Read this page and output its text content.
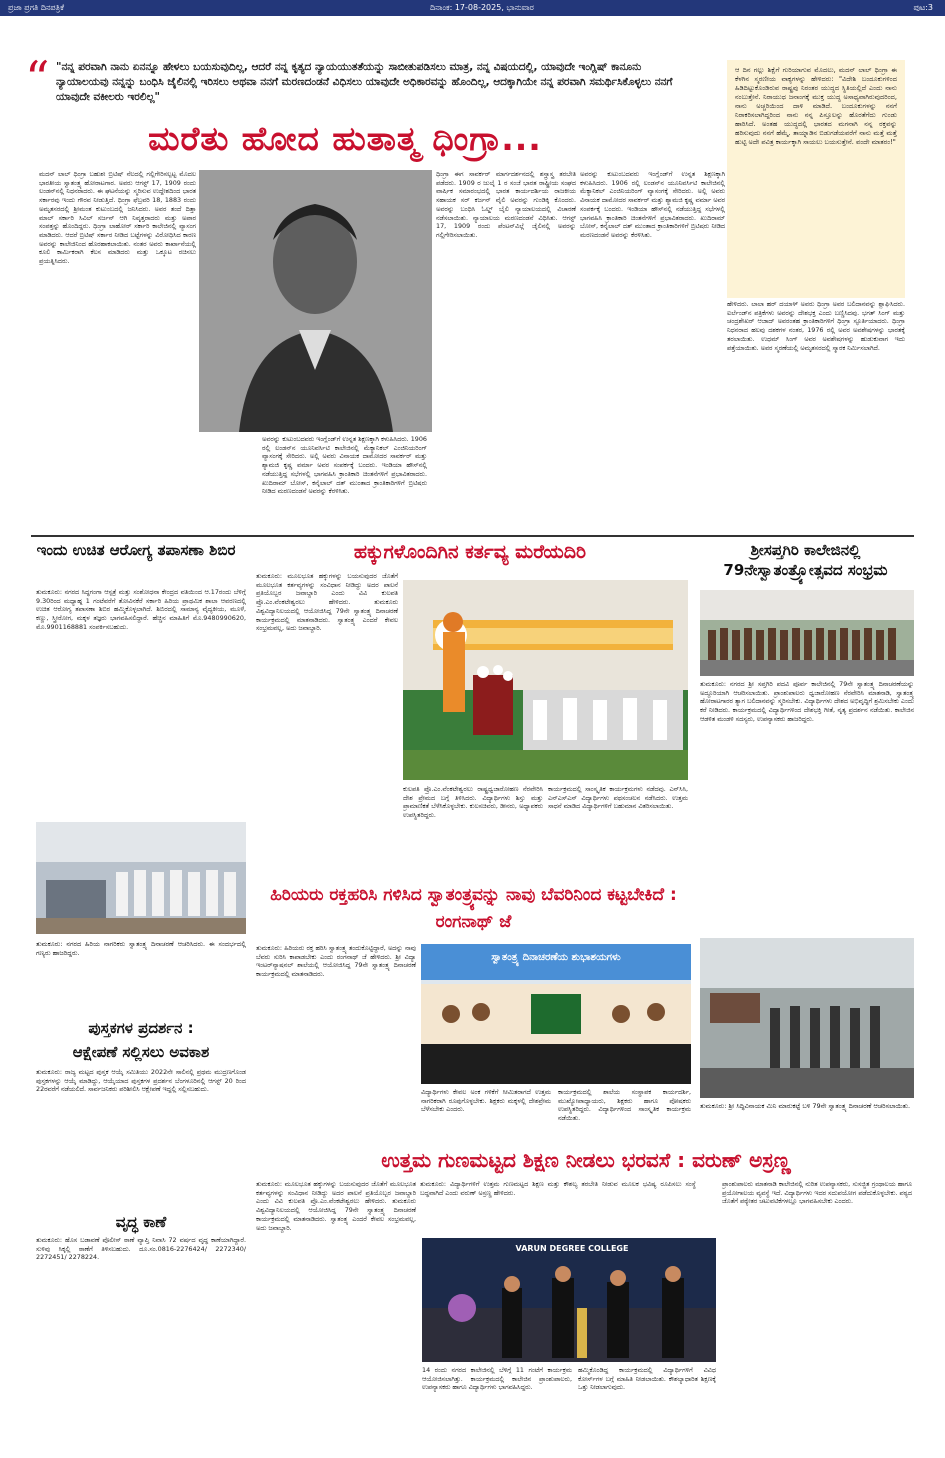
ಪ್ರಜಾ ಪ್ರಗತಿ ದಿನಪತ್ರಿಕೆ	ದಿನಾಂಕ: 17-08-2025, ಭಾನುವಾರ	ಪುಟ:3
“ "ನನ್ನ ಪರವಾಗಿ ನಾನು ಏನನ್ನೂ ಹೇಳಲು ಬಯಸುವುದಿಲ್ಲ, ಆದರೆ ನನ್ನ ಕೃತ್ಯದ ನ್ಯಾಯಯುತತೆಯನ್ನು ಸಾಬೀತುಪಡಿಸಲು ಮಾತ್ರ, ನನ್ನ ವಿಷಯದಲ್ಲಿ, ಯಾವುದೇ ಇಂಗ್ಲಿಷ್ ಕಾನೂನು ನ್ಯಾಯಾಲಯವು ನನ್ನನ್ನು ಬಂಧಿಸಿ ಜೈಲಿನಲ್ಲಿ ಇರಿಸಲು ಅಥವಾ ನನಗೆ ಮರಣದಂಡನೆ ವಿಧಿಸಲು ಯಾವುದೇ ಅಧಿಕಾರವನ್ನು ಹೊಂದಿಲ್ಲ, ಆದಕ್ಕಾಗಿಯೇ ನನ್ನ ಪರವಾಗಿ ಸಮರ್ಥಿಸಿಕೊಳ್ಳಲು ನನಗೆ ಯಾವುದೇ ವಕೀಲರು ಇರಲಿಲ್ಲ"
ಮರೆತು ಹೋದ ಹುತಾತ್ಮ ಧಿಂಗ್ರಾ...
ಮದನ್ ಲಾಲ್ ಧಿಂಗ್ರಾ ಬಹುಶಃ ಬ್ರಿಟಿಷ್ ನೆಲದಲ್ಲಿ ಗಲ್ಲಿಗೇರಿಸಲ್ಪಟ್ಟ ಮೊದಲ ಭಾರತೀಯ ಸ್ವಾತಂತ್ರ್ಯ ಹೋರಾಟಗಾರ. ಅವರು ಆಗಸ್ಟ್ 17, 1909 ರಂದು ಲಂಡನ್‌ನಲ್ಲಿ ನಿಧನರಾದರು. ಈ ಘಟನೆಯನ್ನು ಸ್ಮರಿಸುವ ಉದ್ದೇಶದಿಂದ ಭಾರತ ಸರ್ಕಾರವು ಇಂದು ಗೌರವ ನೀಡುತ್ತಿದೆ. ಧಿಂಗ್ರಾ ಫೆಬ್ರವರಿ 18, 1883 ರಂದು ಅಮೃತಸರದಲ್ಲಿ ಶ್ರೀಮಂತ ಕುಟುಂಬದಲ್ಲಿ ಜನಿಸಿದರು. ಅವರ ತಂದೆ ದಿತ್ತಾ ಮಾಲ್ ಸರ್ಕಾರಿ ಸಿವಿಲ್ ಸರ್ಜನ್ ಆಗಿ ನಿವೃತ್ತರಾದರು ಮತ್ತು ಅಪಾರ ಸಂಪತ್ತನ್ನು ಹೊಂದಿದ್ದರು. ಧಿಂಗ್ರಾ ಲಾಹೋರ್ ಸರ್ಕಾರಿ ಕಾಲೇಜಿನಲ್ಲಿ ವ್ಯಾಸಂಗ ಮಾಡಿದರು. ಆದರೆ ಬ್ರಿಟಿಷ್ ಸರ್ಕಾರ ನೀಡಿದ ಬಟ್ಟೆಗಳನ್ನು ವಿರೋಧಿಸಿದ ಕಾರಣ ಅವರನ್ನು ಕಾಲೇಜಿನಿಂದ ಹೊರಹಾಕಲಾಯಿತು. ನಂತರ ಅವರು ಕಾರ್ಖಾನೆಯಲ್ಲಿ ಕೂಲಿ ಕಾರ್ಮಿಕರಾಗಿ ಕೆಲಸ ಮಾಡಿದರು ಮತ್ತು ಒಕ್ಕೂಟ ರಚಿಸಲು ಪ್ರಯತ್ನಿಸಿದರು.
ಅವರನ್ನು ಕುಟುಂಬದವರು ಇಂಗ್ಲೆಂಡ್‌ಗೆ ಉನ್ನತ ಶಿಕ್ಷಣಕ್ಕಾಗಿ ಕಳುಹಿಸಿದರು. 1906 ರಲ್ಲಿ ಲಂಡನ್‌ನ ಯೂನಿವರ್ಸಿಟಿ ಕಾಲೇಜಿನಲ್ಲಿ ಮೆಕ್ಯಾನಿಕಲ್ ಎಂಜಿನಿಯರಿಂಗ್ ವ್ಯಾಸಂಗಕ್ಕೆ ಸೇರಿದರು. ಅಲ್ಲಿ ಅವರು ವಿನಾಯಕ ದಾಮೋದರ ಸಾವರ್ಕರ್ ಮತ್ತು ಶ್ಯಾಮಜಿ ಕೃಷ್ಣ ವರ್ಮಾ ಅವರ ಸಂಪರ್ಕಕ್ಕೆ ಬಂದರು. ಇಂಡಿಯಾ ಹೌಸ್‌ನಲ್ಲಿ ನಡೆಯುತ್ತಿದ್ದ ಸಭೆಗಳಲ್ಲಿ ಭಾಗವಹಿಸಿ ಕ್ರಾಂತಿಕಾರಿ ಚಿಂತನೆಗಳಿಗೆ ಪ್ರಭಾವಿತರಾದರು. ಖುದಿರಾಮ್ ಬೋಸ್, ಕನೈಲಾಲ್ ದತ್ ಮುಂತಾದ ಕ್ರಾಂತಿಕಾರಿಗಳಿಗೆ ಬ್ರಿಟಿಷರು ನೀಡಿದ ಮರಣದಂಡನೆ ಅವರನ್ನು ಕೆರಳಿಸಿತು.
ಧಿಂಗ್ರಾ ಈಗ ಸಾವರ್ಕರ್ ಮಾರ್ಗದರ್ಶನದಲ್ಲಿ ಶಸ್ತ್ರಾಸ್ತ್ರ ತರಬೇತಿ ಪಡೆದರು. 1909 ರ ಜುಲೈ 1 ರ ಸಂಜೆ ಭಾರತ ರಾಷ್ಟ್ರೀಯ ಸಂಘದ ವಾರ್ಷಿಕ ಸಮಾರಂಭದಲ್ಲಿ ಭಾರತ ಕಾರ್ಯದರ್ಶಿಯ ರಾಜಕೀಯ ಸಹಾಯಕ ಸರ್ ಕರ್ಜನ್ ವೈಲಿ ಅವರನ್ನು ಗುಂಡಿಕ್ಕಿ ಕೊಂದರು. ಅವರನ್ನು ಬಂಧಿಸಿ ಓಲ್ಡ್ ಬೈಲಿ ನ್ಯಾಯಾಲಯದಲ್ಲಿ ವಿಚಾರಣೆ ನಡೆಸಲಾಯಿತು. ನ್ಯಾಯಾಲಯ ಮರಣದಂಡನೆ ವಿಧಿಸಿತು. ಆಗಸ್ಟ್ 17, 1909 ರಂದು ಪೆಂಟನ್‌ವಿಲ್ಲೆ ಜೈಲಿನಲ್ಲಿ ಅವರನ್ನು ಗಲ್ಲಿಗೇರಿಸಲಾಯಿತು.
ಅವರನ್ನು ಕುಟುಂಬದವರು ಇಂಗ್ಲೆಂಡ್‌ಗೆ ಉನ್ನತ ಶಿಕ್ಷಣಕ್ಕಾಗಿ ಕಳುಹಿಸಿದರು. 1906 ರಲ್ಲಿ ಲಂಡನ್‌ನ ಯೂನಿವರ್ಸಿಟಿ ಕಾಲೇಜಿನಲ್ಲಿ ಮೆಕ್ಯಾನಿಕಲ್ ಎಂಜಿನಿಯರಿಂಗ್ ವ್ಯಾಸಂಗಕ್ಕೆ ಸೇರಿದರು. ಅಲ್ಲಿ ಅವರು ವಿನಾಯಕ ದಾಮೋದರ ಸಾವರ್ಕರ್ ಮತ್ತು ಶ್ಯಾಮಜಿ ಕೃಷ್ಣ ವರ್ಮಾ ಅವರ ಸಂಪರ್ಕಕ್ಕೆ ಬಂದರು. ಇಂಡಿಯಾ ಹೌಸ್‌ನಲ್ಲಿ ನಡೆಯುತ್ತಿದ್ದ ಸಭೆಗಳಲ್ಲಿ ಭಾಗವಹಿಸಿ ಕ್ರಾಂತಿಕಾರಿ ಚಿಂತನೆಗಳಿಗೆ ಪ್ರಭಾವಿತರಾದರು. ಖುದಿರಾಮ್ ಬೋಸ್, ಕನೈಲಾಲ್ ದತ್ ಮುಂತಾದ ಕ್ರಾಂತಿಕಾರಿಗಳಿಗೆ ಬ್ರಿಟಿಷರು ನೀಡಿದ ಮರಣದಂಡನೆ ಅವರನ್ನು ಕೆರಳಿಸಿತು.
ಆ ದಿನ ಗಲ್ಲು ಶಿಕ್ಷೆಗೆ ಗುರಿಯಾಗುವ ಮೊದಲು, ಮದನ್ ಲಾಲ್ ಧಿಂಗ್ರಾ ಈ ಕೆಳಗಿನ ಸ್ಮರಣೀಯ ವಾಕ್ಯಗಳನ್ನು ಹೇಳಿದರು: "ವಿದೇಶಿ ಬಂದೂಕುಗಳಿಂದ ಹಿಡಿದಿಟ್ಟುಕೊಂಡಿರುವ ರಾಷ್ಟ್ರವು ನಿರಂತರ ಯುದ್ಧದ ಸ್ಥಿತಿಯಲ್ಲಿದೆ ಎಂದು ನಾನು ನಂಬುತ್ತೇನೆ. ನಿರಾಯುಧ ಜನಾಂಗಕ್ಕೆ ಮುಕ್ತ ಯುದ್ಧ ಅಸಾಧ್ಯವಾಗಿರುವುದರಿಂದ, ನಾನು ಅಚ್ಚರಿಯಿಂದ ದಾಳಿ ಮಾಡಿದೆ. ಬಂದೂಕುಗಳನ್ನು ನನಗೆ ನಿರಾಕರಿಸಲಾಗಿದ್ದರಿಂದ ನಾನು ನನ್ನ ಪಿಸ್ತೂಲನ್ನು ಹೊರತೆಗೆದು ಗುಂಡು ಹಾರಿಸಿದೆ. ಅಂತಹ ಯುದ್ಧದಲ್ಲಿ ಭಾರತದ ಮಗನಾಗಿ ನನ್ನ ರಕ್ತವನ್ನು ಹರಿಸುವುದು ನನಗೆ ಹೆಮ್ಮೆ. ತಾಯ್ನಾಡಿನ ಬಿಡುಗಡೆಯವರೆಗೆ ನಾನು ಮತ್ತೆ ಮತ್ತೆ ಹುಟ್ಟಿ ಅದೇ ಪವಿತ್ರ ಕಾರ್ಯಕ್ಕಾಗಿ ಸಾಯಲು ಬಯಸುತ್ತೇನೆ. ವಂದೇ ಮಾತರಂ!"
ಹೇಳಿದರು. ಲಾಲಾ ಹರ್ ದಯಾಳ್ ಅವರು ಧಿಂಗ್ರಾ ಅವರ ಬಲಿದಾನವನ್ನು ಶ್ಲಾಘಿಸಿದರು. ಐರ್ಲೆಂಡ್‌ನ ಪತ್ರಿಕೆಗಳು ಅವರನ್ನು ದೇಶಭಕ್ತ ಎಂದು ಬಣ್ಣಿಸಿದವು. ಭಗತ್ ಸಿಂಗ್ ಮತ್ತು ಚಂದ್ರಶೇಖರ್ ಆಜಾದ್ ಅವರಂತಹ ಕ್ರಾಂತಿಕಾರಿಗಳಿಗೆ ಧಿಂಗ್ರಾ ಸ್ಫೂರ್ತಿಯಾದರು. ಧಿಂಗ್ರಾ ನಿಧನರಾದ ಹಲವು ದಶಕಗಳ ನಂತರ, 1976 ರಲ್ಲಿ ಅವರ ಅವಶೇಷಗಳನ್ನು ಭಾರತಕ್ಕೆ ತರಲಾಯಿತು. ಉಧಮ್ ಸಿಂಗ್ ಅವರ ಅವಶೇಷಗಳನ್ನು ಹುಡುಕುವಾಗ ಇದು ಪತ್ತೆಯಾಯಿತು. ಅವರ ಸ್ಮರಣೆಯಲ್ಲಿ ಅಮೃತಸರದಲ್ಲಿ ಸ್ಮಾರಕ ನಿರ್ಮಿಸಲಾಗಿದೆ.
ಇಂದು ಉಚಿತ ಆರೋಗ್ಯ ತಪಾಸಣಾ ಶಿಬಿರ
ತುಮಕೂರು: ನಗರದ ಸಿದ್ಧಗಂಗಾ ಆಸ್ಪತ್ರೆ ಮತ್ತು ಸಂಶೋಧನಾ ಕೇಂದ್ರದ ವತಿಯಿಂದ ಆ.17ರಂದು ಬೆಳಿಗ್ಗೆ 9.30ರಿಂದ ಮಧ್ಯಾಹ್ನ 1 ಗಂಟೆವರೆಗೆ ತೋವಿನಕೆರೆ ಸರ್ಕಾರಿ ಹಿರಿಯ ಪ್ರಾಥಮಿಕ ಶಾಲಾ ಆವರಣದಲ್ಲಿ ಉಚಿತ ಆರೋಗ್ಯ ತಪಾಸಣಾ ಶಿಬಿರ ಹಮ್ಮಿಕೊಳ್ಳಲಾಗಿದೆ. ಶಿಬಿರದಲ್ಲಿ ಸಾಮಾನ್ಯ ವೈದ್ಯಕೀಯ, ಮೂಳೆ, ಕಣ್ಣು, ಸ್ತ್ರೀರೋಗ, ಮಕ್ಕಳ ತಜ್ಞರು ಭಾಗವಹಿಸಲಿದ್ದಾರೆ. ಹೆಚ್ಚಿನ ಮಾಹಿತಿಗೆ ಮೊ.9480990620, ಮೊ.9901168881 ಸಂಪರ್ಕಿಸಬಹುದು.
ತುಮಕೂರು: ನಗರದ ಹಿರಿಯ ನಾಗರಿಕರು ಸ್ವಾತಂತ್ರ್ಯ ದಿನಾಚರಣೆ ಆಚರಿಸಿದರು. ಈ ಸಂದರ್ಭದಲ್ಲಿ ಗಣ್ಯರು ಹಾಜರಿದ್ದರು.
ಪುಸ್ತಕಗಳ ಪ್ರದರ್ಶನ :
ಆಕ್ಷೇಪಣೆ ಸಲ್ಲಿಸಲು ಅವಕಾಶ
ತುಮಕೂರು: ರಾಜ್ಯ ಮಟ್ಟದ ಪುಸ್ತಕ ಆಯ್ಕೆ ಸಮಿತಿಯು 2022ನೇ ಸಾಲಿನಲ್ಲಿ ಪ್ರಥಮ ಮುದ್ರಣಗೊಂಡ ಪುಸ್ತಕಗಳನ್ನು ಆಯ್ಕೆ ಮಾಡಿದ್ದು, ಆಯ್ಕೆಯಾದ ಪುಸ್ತಕಗಳ ಪ್ರದರ್ಶನ ಬೆಂಗಳೂರಿನಲ್ಲಿ ಆಗಸ್ಟ್ 20 ರಿಂದ 22ರವರೆಗೆ ನಡೆಯಲಿದೆ. ಸಾರ್ವಜನಿಕರು ಪರಿಶೀಲಿಸಿ ಆಕ್ಷೇಪಣೆ ಇದ್ದಲ್ಲಿ ಸಲ್ಲಿಸಬಹುದು.
ವೃದ್ಧ ಕಾಣೆ
ತುಮಕೂರು: ಹೊಸ ಬಡಾವಣೆ ಪೊಲೀಸ್ ಠಾಣೆ ವ್ಯಾಪ್ತಿ ನಿವಾಸಿ 72 ವರ್ಷದ ವೃದ್ಧ ಕಾಣೆಯಾಗಿದ್ದಾರೆ. ಸುಳಿವು ಸಿಕ್ಕಲ್ಲಿ ಠಾಣೆಗೆ ತಿಳಿಸಬಹುದು. ದೂ.ಸಂ.0816-2276424/ 2272340/ 2272451/ 2278224.
ಹಕ್ಕುಗಳೊಂದಿಗಿನ ಕರ್ತವ್ಯ ಮರೆಯದಿರಿ
ತುಮಕೂರು: ಮೂಲಭೂತ ಹಕ್ಕುಗಳನ್ನು ಬಯಸುವುದರ ಜೊತೆಗೆ ಮೂಲಭೂತ ಕರ್ತವ್ಯಗಳನ್ನು ಸಂವಿಧಾನ ನೀಡಿದ್ದು ಅದರ ಪಾಲನೆ ಪ್ರತಿಯೊಬ್ಬರ ಜವಾಬ್ದಾರಿ ಎಂದು ವಿವಿ ಕುಲಪತಿ ಪ್ರೊ.ಎಂ.ವೆಂಕಟೇಶ್ವರಲು ಹೇಳಿದರು. ತುಮಕೂರು ವಿಶ್ವವಿದ್ಯಾನಿಲಯದಲ್ಲಿ ಆಯೋಜಿಸಿದ್ದ 79ನೇ ಸ್ವಾತಂತ್ರ್ಯ ದಿನಾಚರಣೆ ಕಾರ್ಯಕ್ರಮದಲ್ಲಿ ಮಾತನಾಡಿದರು. ಸ್ವಾತಂತ್ರ್ಯ ಎಂದರೆ ಕೇವಲ ಸಂಭ್ರಮವಲ್ಲ, ಅದು ಜವಾಬ್ದಾರಿ.
ಕುಲಪತಿ ಪ್ರೊ.ಎಂ.ವೆಂಕಟೇಶ್ವರಲು ರಾಷ್ಟ್ರಧ್ವಜಾರೋಹಣ ನೆರವೇರಿಸಿ ದೇಶ ಪ್ರೇಮದ ಬಗ್ಗೆ ತಿಳಿಸಿದರು. ವಿದ್ಯಾರ್ಥಿಗಳು ಶಿಸ್ತು ಮತ್ತು ಪ್ರಾಮಾಣಿಕತೆ ಬೆಳೆಸಿಕೊಳ್ಳಬೇಕು. ಕುಲಸಚಿವರು, ಡೀನರು, ಅಧ್ಯಾಪಕರು ಉಪಸ್ಥಿತರಿದ್ದರು.
ಕಾರ್ಯಕ್ರಮದಲ್ಲಿ ಸಾಂಸ್ಕೃತಿಕ ಕಾರ್ಯಕ್ರಮಗಳು ನಡೆದವು. ಎನ್‌ಸಿಸಿ, ಎನ್‌ಎಸ್‌ಎಸ್ ವಿದ್ಯಾರ್ಥಿಗಳು ಪಥಸಂಚಲನ ನಡೆಸಿದರು. ಉತ್ತಮ ಸಾಧನೆ ಮಾಡಿದ ವಿದ್ಯಾರ್ಥಿಗಳಿಗೆ ಬಹುಮಾನ ವಿತರಿಸಲಾಯಿತು.
ಹಿರಿಯರು ರಕ್ತಹರಿಸಿ ಗಳಿಸಿದ ಸ್ವಾತಂತ್ರ್ಯವನ್ನು ನಾವು ಬೆವರಿನಿಂದ ಕಟ್ಟಬೇಕಿದೆ : ರಂಗನಾಥ್ ಜೆ
ತುಮಕೂರು: ಹಿರಿಯರು ರಕ್ತ ಹರಿಸಿ ಸ್ವಾತಂತ್ರ್ಯ ತಂದುಕೊಟ್ಟಿದ್ದಾರೆ, ಅದನ್ನು ನಾವು ಬೆವರು ಸುರಿಸಿ ಕಾಪಾಡಬೇಕು ಎಂದು ರಂಗನಾಥ್ ಜೆ ಹೇಳಿದರು. ಶ್ರೀ ವಿದ್ಯಾ ಇಂಟರ್‌ನ್ಯಾಷನಲ್ ಶಾಲೆಯಲ್ಲಿ ಆಯೋಜಿಸಿದ್ದ 79ನೇ ಸ್ವಾತಂತ್ರ್ಯ ದಿನಾಚರಣೆ ಕಾರ್ಯಕ್ರಮದಲ್ಲಿ ಮಾತನಾಡಿದರು.
ಸ್ವಾತಂತ್ರ್ಯ ದಿನಾಚರಣೆಯ ಶುಭಾಶಯಗಳು
ವಿದ್ಯಾರ್ಥಿಗಳು ಕೇವಲ ಅಂಕ ಗಳಿಕೆಗೆ ಸೀಮಿತರಾಗದೆ ಉತ್ತಮ ನಾಗರಿಕರಾಗಿ ರೂಪುಗೊಳ್ಳಬೇಕು. ಶಿಕ್ಷಕರು ಮಕ್ಕಳಲ್ಲಿ ದೇಶಪ್ರೇಮ ಬೆಳೆಸಬೇಕು ಎಂದರು.
ಕಾರ್ಯಕ್ರಮದಲ್ಲಿ ಶಾಲೆಯ ಸಂಸ್ಥಾಪಕ ಕಾರ್ಯದರ್ಶಿ, ಮುಖ್ಯೋಪಾಧ್ಯಾಯರು, ಶಿಕ್ಷಕರು ಹಾಗೂ ಪೋಷಕರು ಉಪಸ್ಥಿತರಿದ್ದರು. ವಿದ್ಯಾರ್ಥಿಗಳಿಂದ ಸಾಂಸ್ಕೃತಿಕ ಕಾರ್ಯಕ್ರಮ ನಡೆಯಿತು.
ಶ್ರೀಸಪ್ತಗಿರಿ ಕಾಲೇಜಿನಲ್ಲಿ 79ನೇಸ್ವಾತಂತ್ರ್ಯೋತ್ಸವದ ಸಂಭ್ರಮ
ತುಮಕೂರು: ನಗರದ ಶ್ರೀ ಸಪ್ತಗಿರಿ ಪದವಿ ಪೂರ್ವ ಕಾಲೇಜಿನಲ್ಲಿ 79ನೇ ಸ್ವಾತಂತ್ರ್ಯ ದಿನಾಚರಣೆಯನ್ನು ಅದ್ದೂರಿಯಾಗಿ ಆಚರಿಸಲಾಯಿತು. ಪ್ರಾಂಶುಪಾಲರು ಧ್ವಜಾರೋಹಣ ನೆರವೇರಿಸಿ ಮಾತನಾಡಿ, ಸ್ವಾತಂತ್ರ್ಯ ಹೋರಾಟಗಾರರ ತ್ಯಾಗ ಬಲಿದಾನವನ್ನು ಸ್ಮರಿಸಬೇಕು. ವಿದ್ಯಾರ್ಥಿಗಳು ದೇಶದ ಅಭಿವೃದ್ಧಿಗೆ ಶ್ರಮಿಸಬೇಕು ಎಂದು ಕರೆ ನೀಡಿದರು. ಕಾರ್ಯಕ್ರಮದಲ್ಲಿ ವಿದ್ಯಾರ್ಥಿಗಳಿಂದ ದೇಶಭಕ್ತಿ ಗೀತೆ, ನೃತ್ಯ ಪ್ರದರ್ಶನ ನಡೆಯಿತು. ಕಾಲೇಜಿನ ಆಡಳಿತ ಮಂಡಳಿ ಸದಸ್ಯರು, ಉಪನ್ಯಾಸಕರು ಹಾಜರಿದ್ದರು.
ತುಮಕೂರು: ಶ್ರೀ ಸಿದ್ಧಿವಿನಾಯಕ ಮಿನಿ ಮಾರುಕಟ್ಟೆ ಬಳಿ 79ನೇ ಸ್ವಾತಂತ್ರ್ಯ ದಿನಾಚರಣೆ ಆಚರಿಸಲಾಯಿತು.
ಉತ್ತಮ ಗುಣಮಟ್ಟದ ಶಿಕ್ಷಣ ನೀಡಲು ಭರವಸೆ : ವರುಣ್ ಅಸ್ರಣ್ಣ
ತುಮಕೂರು: ವಿದ್ಯಾರ್ಥಿಗಳಿಗೆ ಉತ್ತಮ ಗುಣಮಟ್ಟದ ಶಿಕ್ಷಣ ಮತ್ತು ಕೌಶಲ್ಯ ತರಬೇತಿ ನೀಡುವ ಮೂಲಕ ಭವಿಷ್ಯ ರೂಪಿಸಲು ಸಂಸ್ಥೆ ಬದ್ಧವಾಗಿದೆ ಎಂದು ವರುಣ್ ಅಸ್ರಣ್ಣ ಹೇಳಿದರು.
VARUN DEGREE COLLEGE
14 ರಂದು ನಗರದ ಕಾಲೇಜಿನಲ್ಲಿ ಬೆಳಿಗ್ಗೆ 11 ಗಂಟೆಗೆ ಕಾರ್ಯಕ್ರಮ ಆಯೋಜಿಸಲಾಗಿತ್ತು. ಕಾರ್ಯಕ್ರಮದಲ್ಲಿ ಕಾಲೇಜಿನ ಪ್ರಾಂಶುಪಾಲರು, ಉಪನ್ಯಾಸಕರು ಹಾಗೂ ವಿದ್ಯಾರ್ಥಿಗಳು ಭಾಗವಹಿಸಿದ್ದರು.
ಹಮ್ಮಿಕೊಂಡಿದ್ದ ಕಾರ್ಯಕ್ರಮದಲ್ಲಿ ವಿದ್ಯಾರ್ಥಿಗಳಿಗೆ ವಿವಿಧ ಕೋರ್ಸ್‌ಗಳ ಬಗ್ಗೆ ಮಾಹಿತಿ ನೀಡಲಾಯಿತು. ಕೌಶಲ್ಯಾಧಾರಿತ ಶಿಕ್ಷಣಕ್ಕೆ ಒತ್ತು ನೀಡಲಾಗುವುದು.
ಪ್ರಾಂಶುಪಾಲರು ಮಾತನಾಡಿ ಕಾಲೇಜಿನಲ್ಲಿ ನುರಿತ ಉಪನ್ಯಾಸಕರು, ಸುಸಜ್ಜಿತ ಗ್ರಂಥಾಲಯ ಹಾಗೂ ಪ್ರಯೋಗಾಲಯ ವ್ಯವಸ್ಥೆ ಇದೆ. ವಿದ್ಯಾರ್ಥಿಗಳು ಇದರ ಸದುಪಯೋಗ ಪಡೆದುಕೊಳ್ಳಬೇಕು. ಪಠ್ಯದ ಜೊತೆಗೆ ಪಠ್ಯೇತರ ಚಟುವಟಿಕೆಗಳಲ್ಲೂ ಭಾಗವಹಿಸಬೇಕು ಎಂದರು.
ತುಮಕೂರು: ಮೂಲಭೂತ ಹಕ್ಕುಗಳನ್ನು ಬಯಸುವುದರ ಜೊತೆಗೆ ಮೂಲಭೂತ ಕರ್ತವ್ಯಗಳನ್ನು ಸಂವಿಧಾನ ನೀಡಿದ್ದು ಅದರ ಪಾಲನೆ ಪ್ರತಿಯೊಬ್ಬರ ಜವಾಬ್ದಾರಿ ಎಂದು ವಿವಿ ಕುಲಪತಿ ಪ್ರೊ.ಎಂ.ವೆಂಕಟೇಶ್ವರಲು ಹೇಳಿದರು. ತುಮಕೂರು ವಿಶ್ವವಿದ್ಯಾನಿಲಯದಲ್ಲಿ ಆಯೋಜಿಸಿದ್ದ 79ನೇ ಸ್ವಾತಂತ್ರ್ಯ ದಿನಾಚರಣೆ ಕಾರ್ಯಕ್ರಮದಲ್ಲಿ ಮಾತನಾಡಿದರು. ಸ್ವಾತಂತ್ರ್ಯ ಎಂದರೆ ಕೇವಲ ಸಂಭ್ರಮವಲ್ಲ, ಅದು ಜವಾಬ್ದಾರಿ.
